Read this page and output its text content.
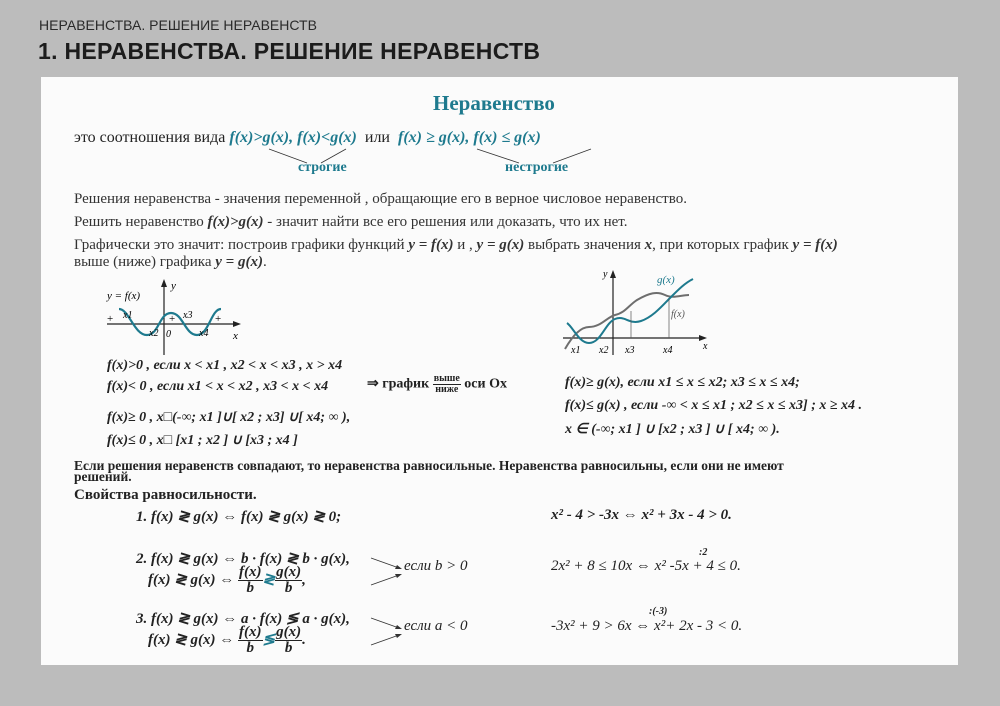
НЕРАВЕНСТВА. РЕШЕНИЕ НЕРАВЕНСТВ
1. НЕРАВЕНСТВА. РЕШЕНИЕ НЕРАВЕНСТВ
Неравенство
это соотношения вида f(x)>g(x), f(x)<g(x) или f(x) ≥ g(x), f(x) ≤ g(x)
строгие	нестрогие
Решения неравенства - значения переменной , обращающие его в верное числовое неравенство.
Решить неравенство f(x)>g(x) - значит найти все его решения или доказать, что их нет.
Графически это значит: построив графики функций y = f(x) и , y = g(x) выбрать значения x, при которых график y = f(x)
выше (ниже) графика y = g(x).
y = f(x)
y
x
0
+	+	+
x1
x2
x3
x4
y
x
g(x)
f(x)
x1 x2 x3	x4
f(x)>0 , если x < x1 , x2 < x < x3 , x > x4
f(x)< 0 , если x1 < x < x2 , x3 < x < x4	⇒ график $\frac{\text{выше}}{\text{ниже}}$ оси Ox
f(x)≥ 0 , x□(-∞; x1 ]∪[ x2 ; x3] ∪[ x4; ∞ ),
f(x)≤ 0 , x□ [x1 ; x2 ] ∪ [x3 ; x4 ]
f(x)≥ g(x), если x1 ≤ x ≤ x2; x3 ≤ x ≤ x4;
f(x)≤ g(x) , если -∞ < x ≤ x1 ; x2 ≤ x ≤ x3] ; x ≥ x4 .
x ∈ (-∞; x1 ] ∪ [x2 ; x3 ] ∪ [ x4; ∞ ).
Если решения неравенств совпадают, то неравенства равносильные. Неравенства равносильны, если они не имеют
решений.
Свойства равносильности.
1. f(x) ≷ g(x) ⇔ f(x) ≷ g(x) ≷ 0;	x² - 4 > -3x ⇔ x² + 3x - 4 > 0.
2. f(x) ≷ g(x) ⇔ b · f(x) ≷ b · g(x),
f(x) ≷ g(x) ⇔ $\frac{f(x)}{b}$ ≷ $\frac{g(x)}{b}$ ,
если b > 0	2x² + 8 ≤ 10x ⇔ x² -5x + 4 ≤ 0.
:2
3. f(x) ≷ g(x) ⇔ a · f(x) ≶ a · g(x),
f(x) ≷ g(x) ⇔ $\frac{f(x)}{b}$ ≶ $\frac{g(x)}{b}$ .
если a < 0	-3x² + 9 > 6x ⇔ x²+ 2x - 3 < 0.
:(-3)
